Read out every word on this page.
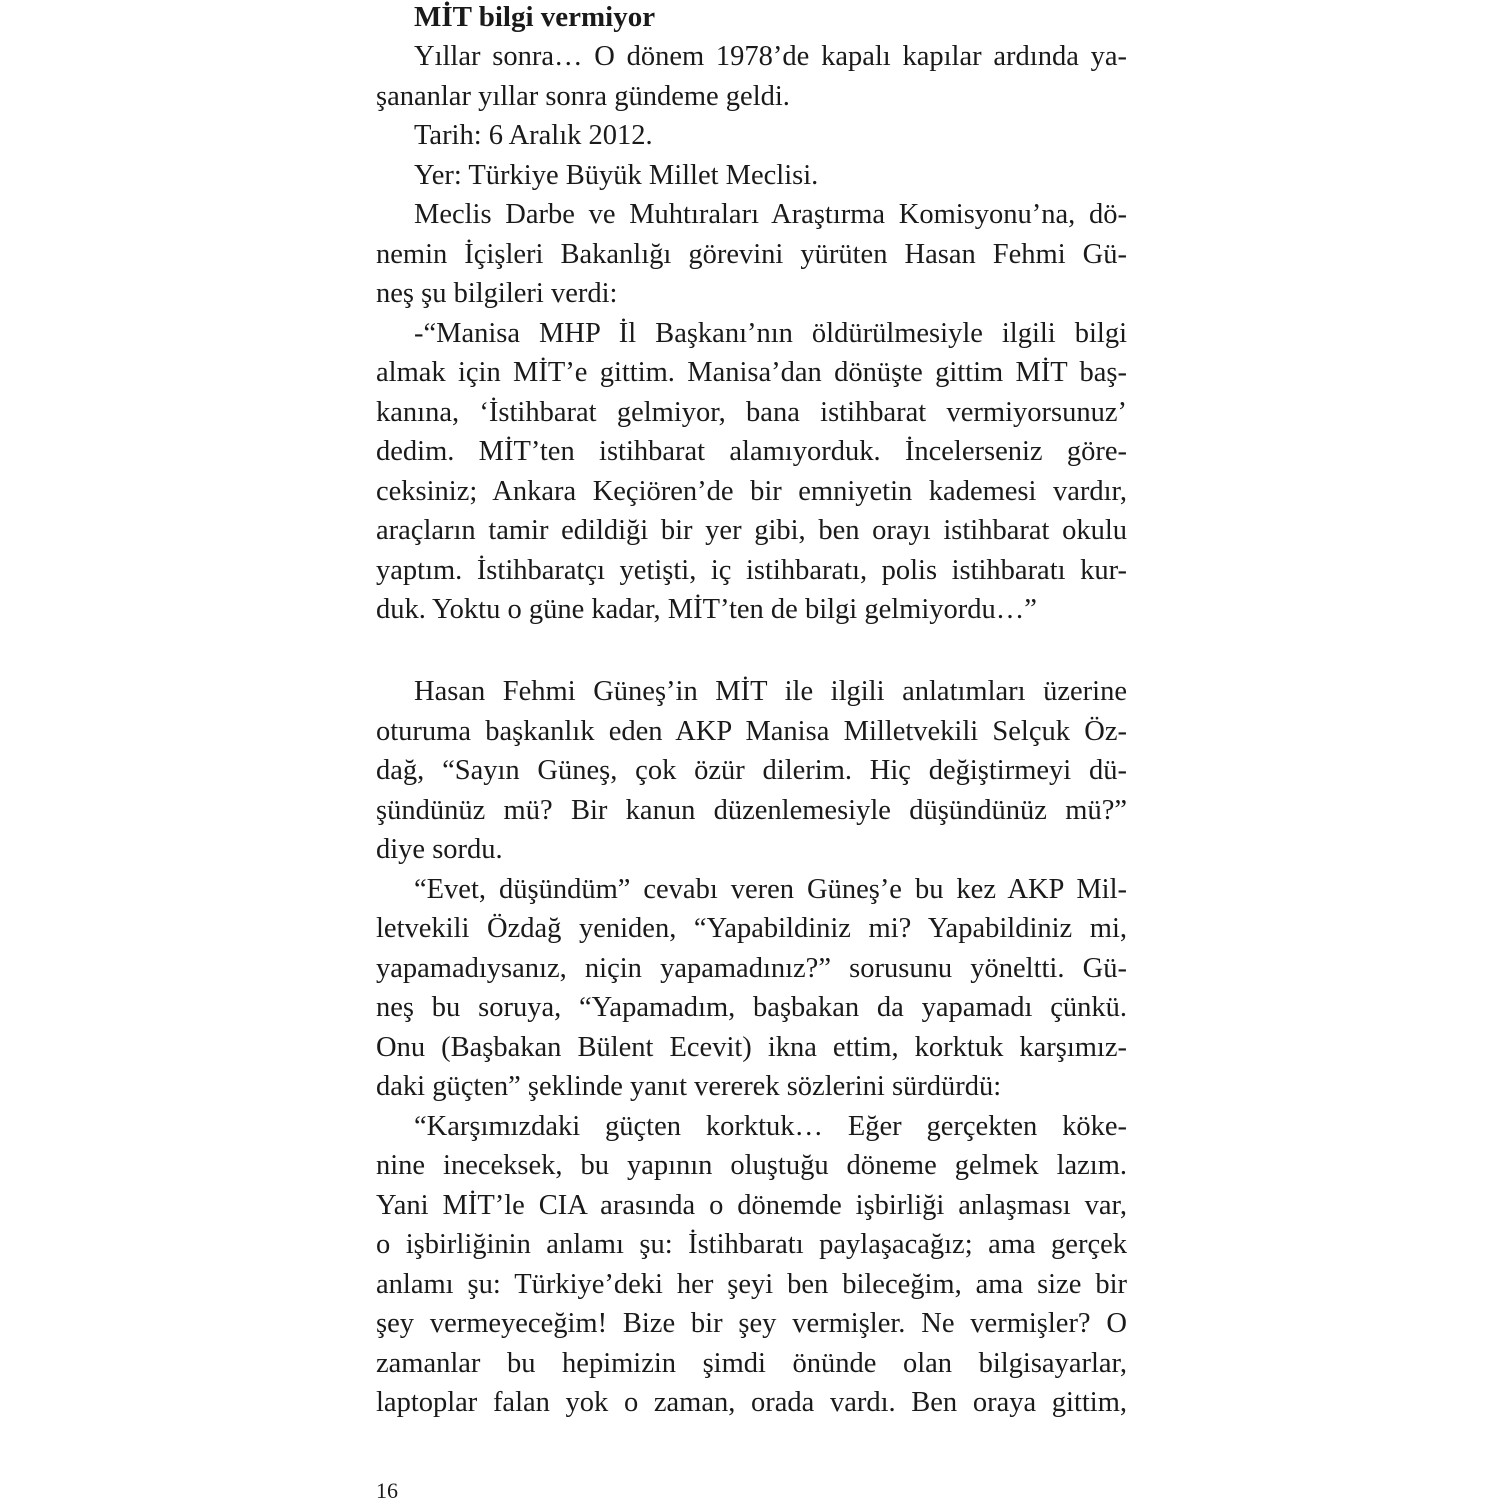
MİT bilgi vermiyor
Yıllar sonra… O dönem 1978’de kapalı kapılar ardında ya-
şananlar yıllar sonra gündeme geldi.
Tarih: 6 Aralık 2012.
Yer: Türkiye Büyük Millet Meclisi.
Meclis Darbe ve Muhtıraları Araştırma Komisyonu’na, dö-
nemin İçişleri Bakanlığı görevini yürüten Hasan Fehmi Gü-
neş şu bilgileri verdi:
-“Manisa MHP İl Başkanı’nın öldürülmesiyle ilgili bilgi
almak için MİT’e gittim. Manisa’dan dönüşte gittim MİT baş-
kanına, ‘İstihbarat gelmiyor, bana istihbarat vermiyorsunuz’
dedim. MİT’ten istihbarat alamıyorduk. İncelerseniz göre-
ceksiniz; Ankara Keçiören’de bir emniyetin kademesi vardır,
araçların tamir edildiği bir yer gibi, ben orayı istihbarat okulu
yaptım. İstihbaratçı yetişti, iç istihbaratı, polis istihbaratı kur-
duk. Yoktu o güne kadar, MİT’ten de bilgi gelmiyordu…”
Hasan Fehmi Güneş’in MİT ile ilgili anlatımları üzerine
oturuma başkanlık eden AKP Manisa Milletvekili Selçuk Öz-
dağ, “Sayın Güneş, çok özür dilerim. Hiç değiştirmeyi dü-
şündünüz mü? Bir kanun düzenlemesiyle düşündünüz mü?”
diye sordu.
“Evet, düşündüm” cevabı veren Güneş’e bu kez AKP Mil-
letvekili Özdağ yeniden, “Yapabildiniz mi? Yapabildiniz mi,
yapamadıysanız, niçin yapamadınız?” sorusunu yöneltti. Gü-
neş bu soruya, “Yapamadım, başbakan da yapamadı çünkü.
Onu (Başbakan Bülent Ecevit) ikna ettim, korktuk karşımız-
daki güçten” şeklinde yanıt vererek sözlerini sürdürdü:
“Karşımızdaki güçten korktuk… Eğer gerçekten köke-
nine ineceksek, bu yapının oluştuğu döneme gelmek lazım.
Yani MİT’le CIA arasında o dönemde işbirliği anlaşması var,
o işbirliğinin anlamı şu: İstihbaratı paylaşacağız; ama gerçek
anlamı şu: Türkiye’deki her şeyi ben bileceğim, ama size bir
şey vermeyeceğim! Bize bir şey vermişler. Ne vermişler? O
zamanlar bu hepimizin şimdi önünde olan bilgisayarlar,
laptoplar falan yok o zaman, orada vardı. Ben oraya gittim,
16
